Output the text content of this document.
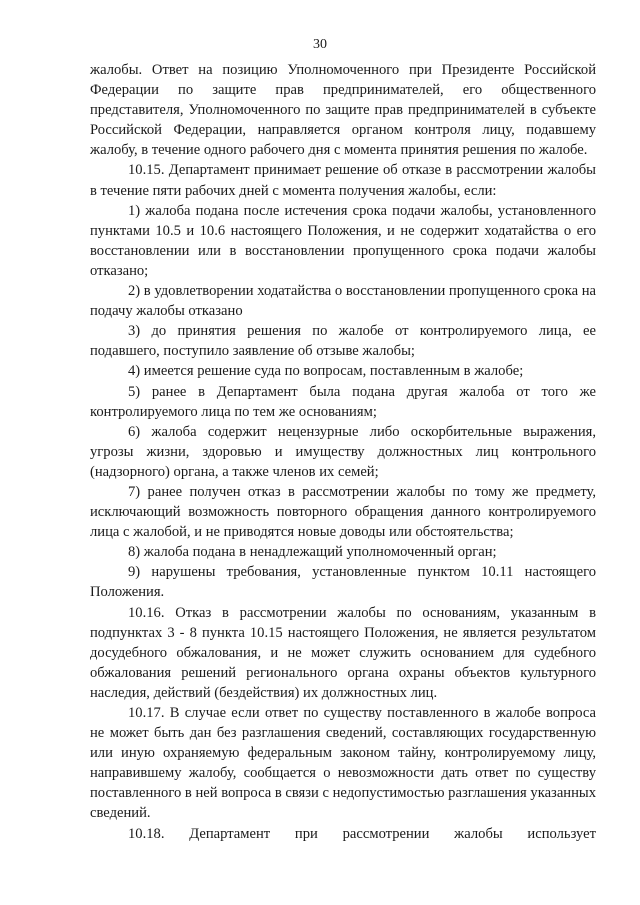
30

жалобы. Ответ на позицию Уполномоченного при Президенте Российской Федерации по защите прав предпринимателей, его общественного представителя, Уполномоченного по защите прав предпринимателей в субъекте Российской Федерации, направляется органом контроля лицу, подавшему жалобу, в течение одного рабочего дня с момента принятия решения по жалобе.

10.15. Департамент принимает решение об отказе в рассмотрении жалобы в течение пяти рабочих дней с момента получения жалобы, если:

1) жалоба подана после истечения срока подачи жалобы, установленного пунктами 10.5 и 10.6 настоящего Положения, и не содержит ходатайства о его восстановлении или в восстановлении пропущенного срока подачи жалобы отказано;

2) в удовлетворении ходатайства о восстановлении пропущенного срока на подачу жалобы отказано

3) до принятия решения по жалобе от контролируемого лица, ее подавшего, поступило заявление об отзыве жалобы;

4) имеется решение суда по вопросам, поставленным в жалобе;

5) ранее в Департамент была подана другая жалоба от того же контролируемого лица по тем же основаниям;

6) жалоба содержит нецензурные либо оскорбительные выражения, угрозы жизни, здоровью и имуществу должностных лиц контрольного (надзорного) органа, а также членов их семей;

7) ранее получен отказ в рассмотрении жалобы по тому же предмету, исключающий возможность повторного обращения данного контролируемого лица с жалобой, и не приводятся новые доводы или обстоятельства;

8) жалоба подана в ненадлежащий уполномоченный орган;

9) нарушены требования, установленные пунктом 10.11 настоящего Положения.

10.16. Отказ в рассмотрении жалобы по основаниям, указанным в подпунктах 3 - 8 пункта 10.15 настоящего Положения, не является результатом досудебного обжалования, и не может служить основанием для судебного обжалования решений регионального органа охраны объектов культурного наследия, действий (бездействия) их должностных лиц.

10.17. В случае если ответ по существу поставленного в жалобе вопроса не может быть дан без разглашения сведений, составляющих государственную или иную охраняемую федеральным законом тайну, контролируемому лицу, направившему жалобу, сообщается о невозможности дать ответ по существу поставленного в ней вопроса в связи с недопустимостью разглашения указанных сведений.

10.18. Департамент при рассмотрении жалобы использует
